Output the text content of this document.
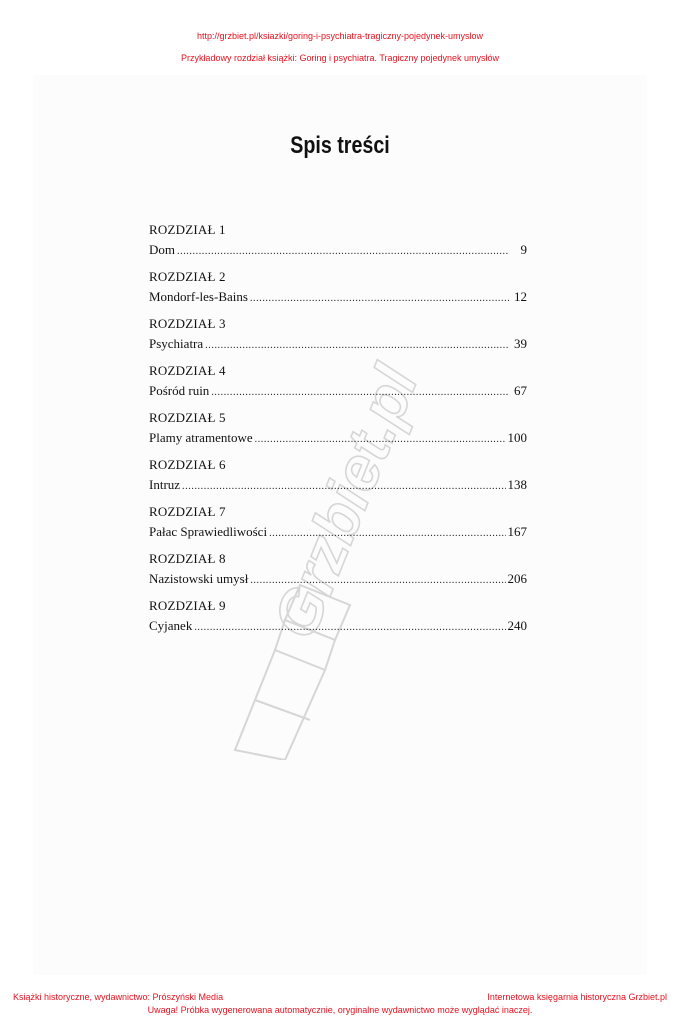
http://grzbiet.pl/ksiazki/goring-i-psychiatra-tragiczny-pojedynek-umyslow
Przykładowy rozdział książki: Goring i psychiatra. Tragiczny pojedynek umysłów
Spis treści
Grzbiet.pl
ROZDZIAŁ 1
Dom .....	9
ROZDZIAŁ 2
Mondorf-les-Bains .....	12
ROZDZIAŁ 3
Psychiatra .....	39
ROZDZIAŁ 4
Pośród ruin .....	67
ROZDZIAŁ 5
Plamy atramentowe .....	100
ROZDZIAŁ 6
Intruz .....	138
ROZDZIAŁ 7
Pałac Sprawiedliwości .....	167
ROZDZIAŁ 8
Nazistowski umysł .....	206
ROZDZIAŁ 9
Cyjanek .....	240
Książki historyczne, wydawnictwo: Prószyński Media	Internetowa księgarnia historyczna Grzbiet.pl
Uwaga! Próbka wygenerowana automatycznie, oryginalne wydawnictwo może wyglądać inaczej.
